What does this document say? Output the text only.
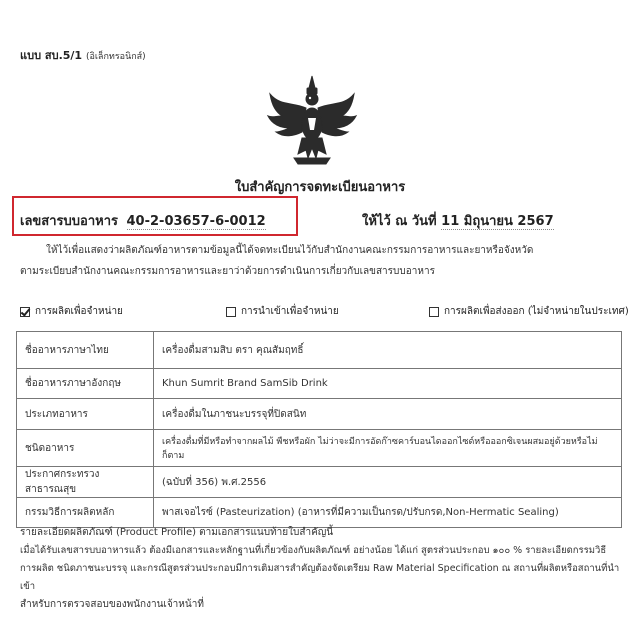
แบบ สบ.5/1 (อิเล็กทรอนิกส์)
ใบสำคัญการจดทะเบียนอาหาร
เลขสารบบอาหาร 40-2-03657-6-0012	ให้ไว้ ณ วันที่ 11 มิถุนายน 2567
ให้ไว้เพื่อแสดงว่าผลิตภัณฑ์อาหารตามข้อมูลนี้ได้จดทะเบียนไว้กับสำนักงานคณะกรรมการอาหารและยาหรือจังหวัด
ตามระเบียบสำนักงานคณะกรรมการอาหารและยาว่าด้วยการดำเนินการเกี่ยวกับเลขสารบบอาหาร
การผลิตเพื่อจำหน่าย	การนำเข้าเพื่อจำหน่าย	การผลิตเพื่อส่งออก (ไม่จำหน่ายในประเทศ)
ชื่ออาหารภาษาไทย	เครื่องดื่มสามสิบ ตรา คุณสัมฤทธิ์
ชื่ออาหารภาษาอังกฤษ	Khun Sumrit Brand SamSib Drink
ประเภทอาหาร	เครื่องดื่มในภาชนะบรรจุที่ปิดสนิท
ชนิดอาหาร	เครื่องดื่มที่มีหรือทำจากผลไม้ พืชหรือผัก ไม่ว่าจะมีการอัดก๊าซคาร์บอนไดออกไซด์หรือออกซิเจนผสมอยู่ด้วยหรือไม่ก็ตาม
ประกาศกระทรวงสาธารณสุข	(ฉบับที่ 356) พ.ศ.2556
กรรมวิธีการผลิตหลัก	พาสเจอไรซ์ (Pasteurization) (อาหารที่มีความเป็นกรด/ปรับกรด,Non-Hermatic Sealing)
รายละเอียดผลิตภัณฑ์ (Product Profile) ตามเอกสารแนบท้ายใบสำคัญนี้
เมื่อได้รับเลขสารบบอาหารแล้ว ต้องมีเอกสารและหลักฐานที่เกี่ยวข้องกับผลิตภัณฑ์ อย่างน้อย ได้แก่ สูตรส่วนประกอบ ๑๐๐ % รายละเอียดกรรมวิธี
การผลิต ชนิดภาชนะบรรจุ และกรณีสูตรส่วนประกอบมีการเติมสารสำคัญต้องจัดเตรียม Raw Material Specification ณ สถานที่ผลิตหรือสถานที่นำเข้า
สำหรับการตรวจสอบของพนักงานเจ้าหน้าที่
